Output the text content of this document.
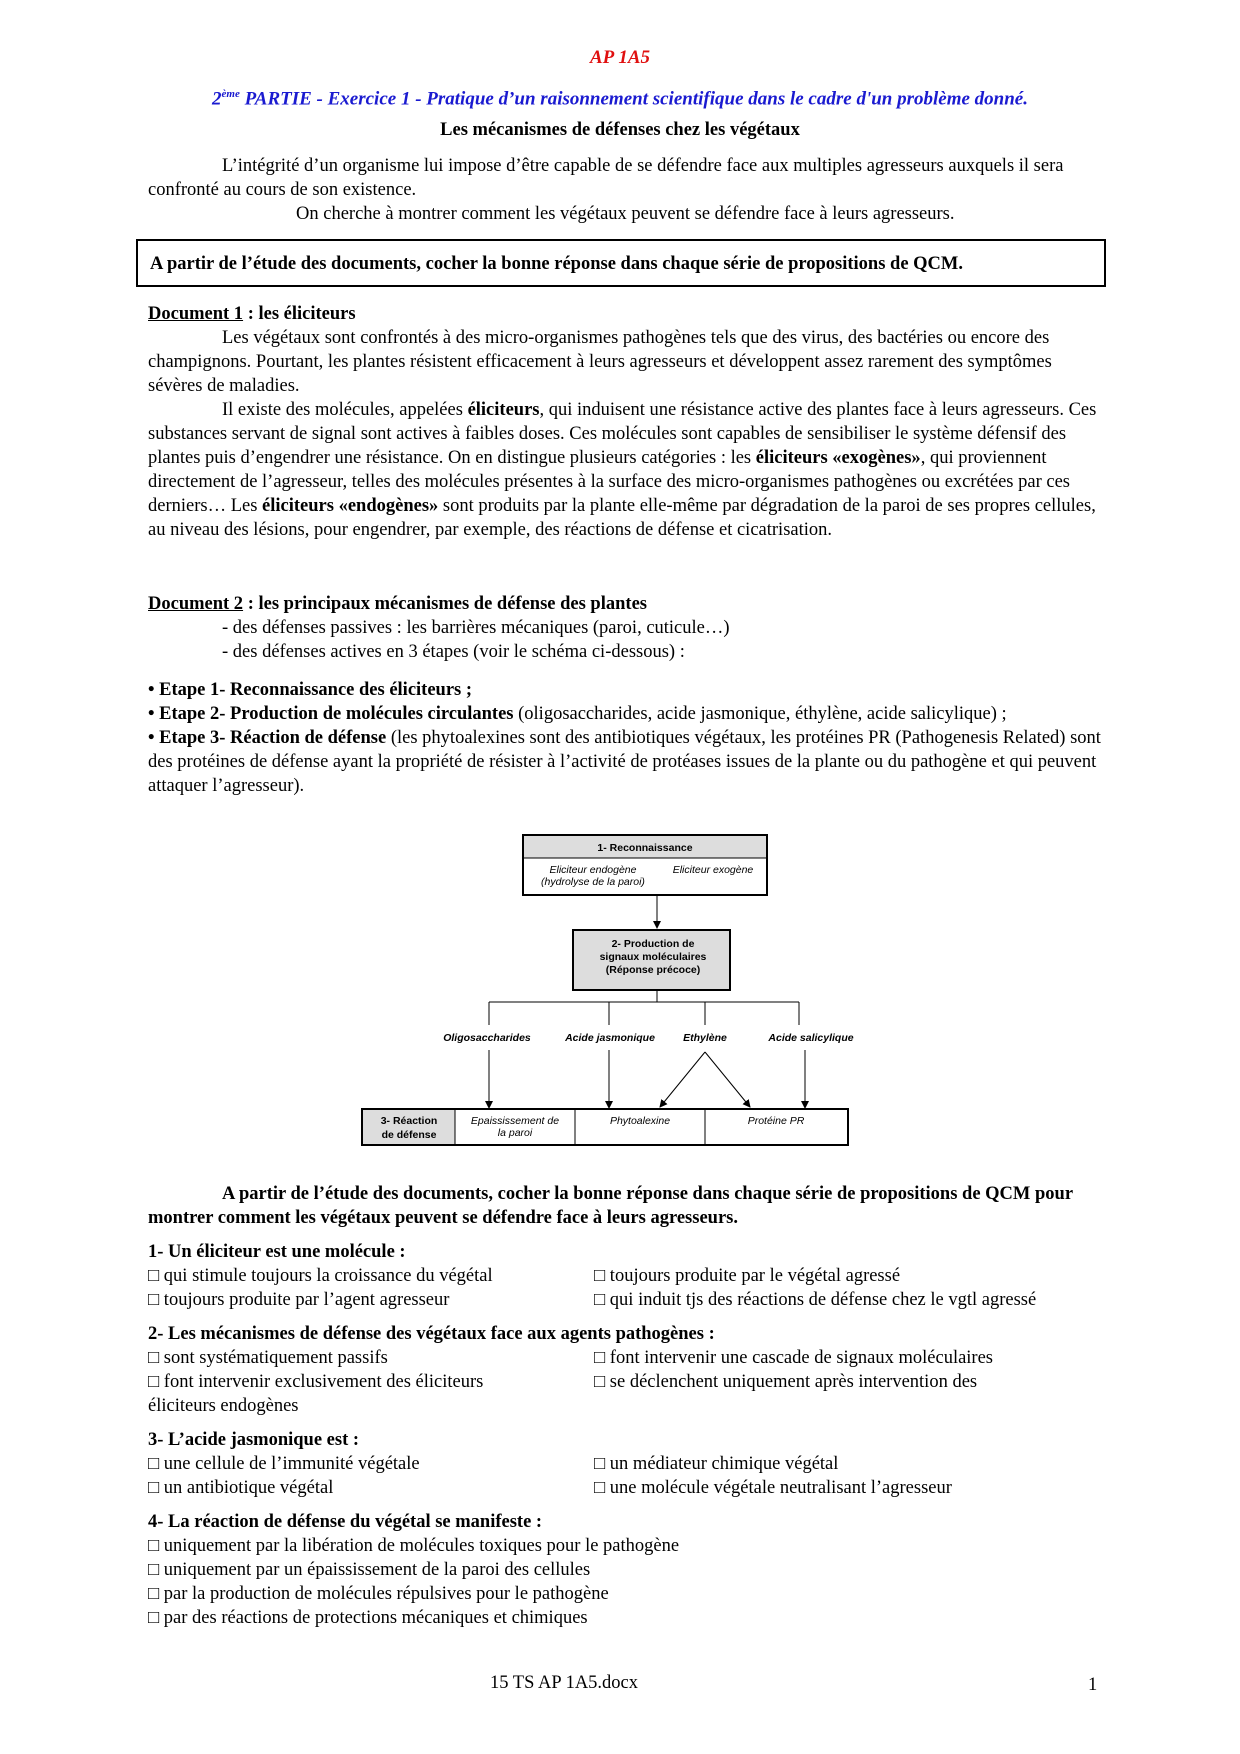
AP 1A5
2ème PARTIE - Exercice 1 - Pratique d’un raisonnement scientifique dans le cadre d'un problème donné.
Les mécanismes de défenses chez les végétaux

L’intégrité d’un organisme lui impose d’être capable de se défendre face aux multiples agresseurs auxquels il sera confronté au cours de son existence.

On cherche à montrer comment les végétaux peuvent se défendre face à leurs agresseurs.

A partir de l’étude des documents, cocher la bonne réponse dans chaque série de propositions de QCM.

Document 1 : les éliciteurs

Les végétaux sont confrontés à des micro-organismes pathogènes tels que des virus, des bactéries ou encore des champignons. Pourtant, les plantes résistent efficacement à leurs agresseurs et développent assez rarement des symptômes sévères de maladies.

Il existe des molécules, appelées éliciteurs, qui induisent une résistance active des plantes face à leurs agresseurs. Ces substances servant de signal sont actives à faibles doses. Ces molécules sont capables de sensibiliser le système défensif des plantes puis d’engendrer une résistance. On en distingue plusieurs catégories : les éliciteurs «exogènes», qui proviennent directement de l’agresseur, telles des molécules présentes à la surface des micro-organismes pathogènes ou excrétées par ces derniers… Les éliciteurs «endogènes» sont produits par la plante elle-même par dégradation de la paroi de ses propres cellules, au niveau des lésions, pour engendrer, par exemple, des réactions de défense et cicatrisation.

Document 2 : les principaux mécanismes de défense des plantes

- des défenses passives : les barrières mécaniques (paroi, cuticule…)

- des défenses actives en 3 étapes (voir le schéma ci-dessous) :

• Etape 1- Reconnaissance des éliciteurs ;

• Etape 2- Production de molécules circulantes (oligosaccharides, acide jasmonique, éthylène, acide salicylique) ;

• Etape 3- Réaction de défense (les phytoalexines sont des antibiotiques végétaux, les protéines PR (Pathogenesis Related) sont des protéines de défense ayant la propriété de résister à l’activité de protéases issues de la plante ou du pathogène et qui peuvent attaquer l’agresseur).

1- Reconnaissance
Eliciteur endogène
(hydrolyse de la paroi)
Eliciteur exogène
2- Production de
signaux moléculaires
(Réponse précoce)
Oligosaccharides	Acide jasmonique	Ethylène	Acide salicylique
3- Réaction
de défense
Epaississement de
la paroi
Phytoalexine	Protéine PR

A partir de l’étude des documents, cocher la bonne réponse dans chaque série de propositions de QCM pour montrer comment les végétaux peuvent se défendre face à leurs agresseurs.

1- Un éliciteur est une molécule :

□ qui stimule toujours la croissance du végétal	□ toujours produite par le végétal agressé
□ toujours produite par l’agent agresseur	□ qui induit tjs des réactions de défense chez le vgtl agressé

2- Les mécanismes de défense des végétaux face aux agents pathogènes :

□ sont systématiquement passifs	□ font intervenir une cascade de signaux moléculaires
□ font intervenir exclusivement des éliciteurs	□ se déclenchent uniquement après intervention des

éliciteurs endogènes

3- L’acide jasmonique est :

□ une cellule de l’immunité végétale	□ un médiateur chimique végétal
□ un antibiotique végétal	□ une molécule végétale neutralisant l’agresseur

4- La réaction de défense du végétal se manifeste :

□ uniquement par la libération de molécules toxiques pour le pathogène

□ uniquement par un épaississement de la paroi des cellules

□ par la production de molécules répulsives pour le pathogène

□ par des réactions de protections mécaniques et chimiques

15 TS AP 1A5.docx	1
